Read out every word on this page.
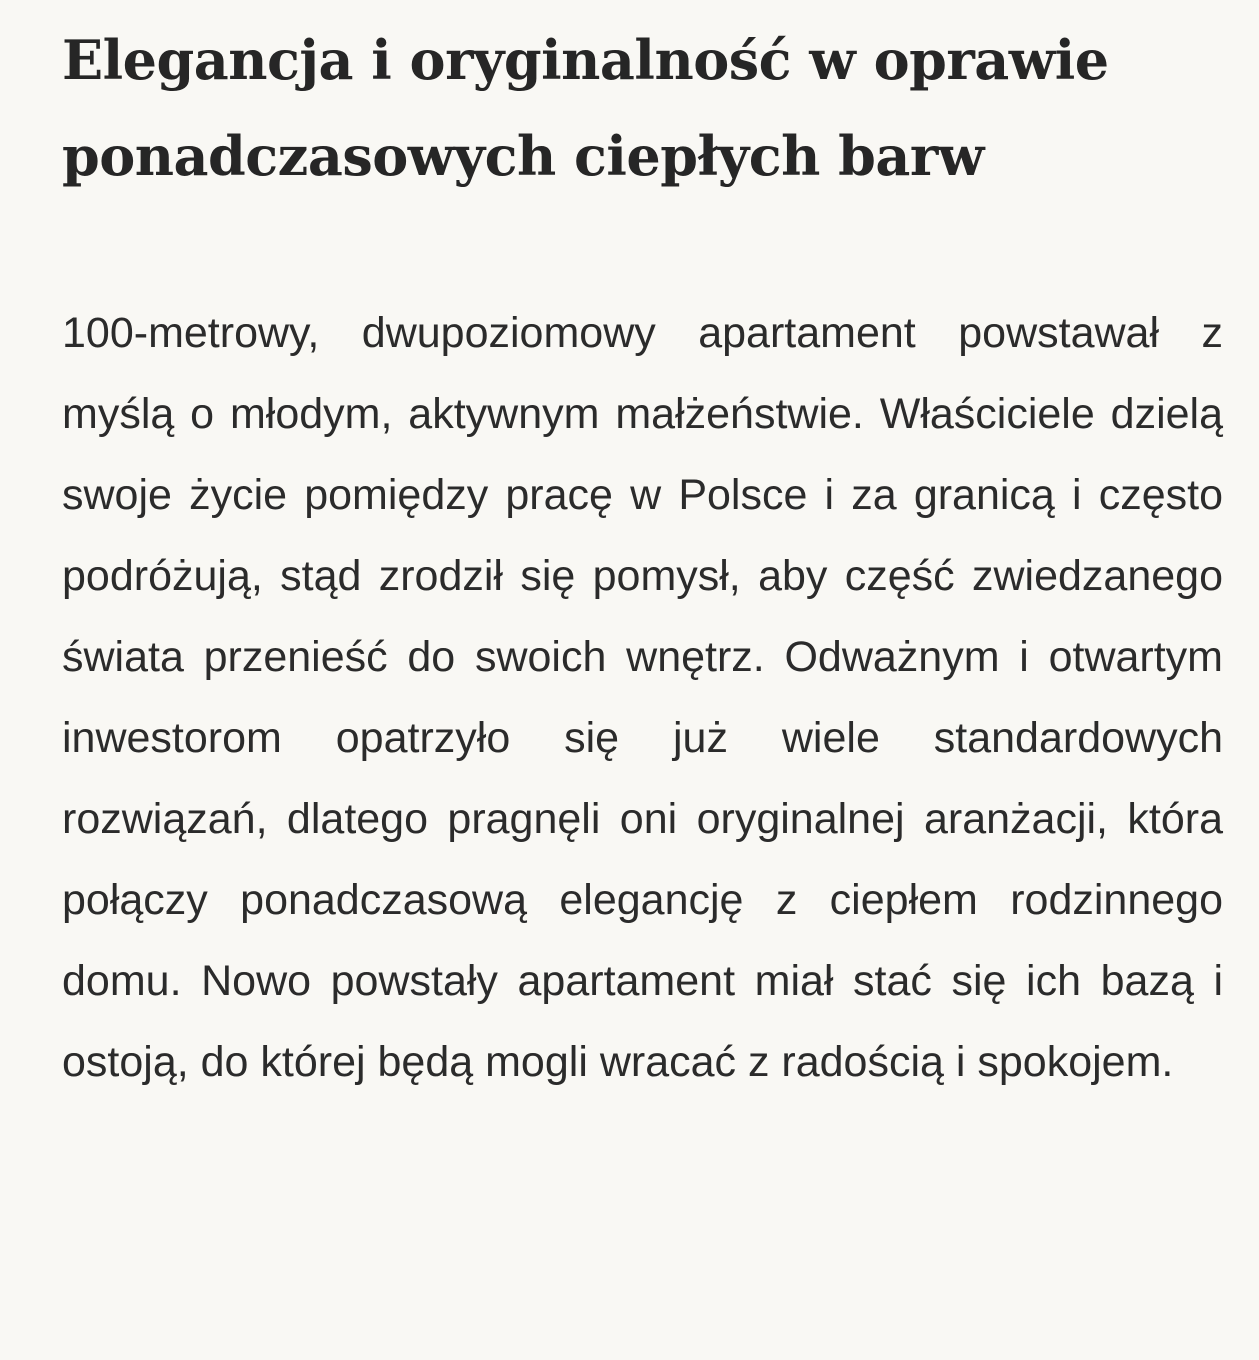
Elegancja i oryginalność w oprawie ponadczasowych ciepłych barw

100-metrowy, dwupoziomowy apartament powstawał z myślą o młodym, aktywnym małżeństwie. Właściciele dzielą swoje życie pomiędzy pracę w Polsce i za granicą i często podróżują, stąd zrodził się pomysł, aby część zwiedzanego świata przenieść do swoich wnętrz. Odważnym i otwartym inwestorom opatrzyło się już wiele standardowych rozwiązań, dlatego pragnęli oni oryginalnej aranżacji, która połączy ponadczasową elegancję z ciepłem rodzinnego domu. Nowo powstały apartament miał stać się ich bazą i ostoją, do której będą mogli wracać z radością i spokojem.
